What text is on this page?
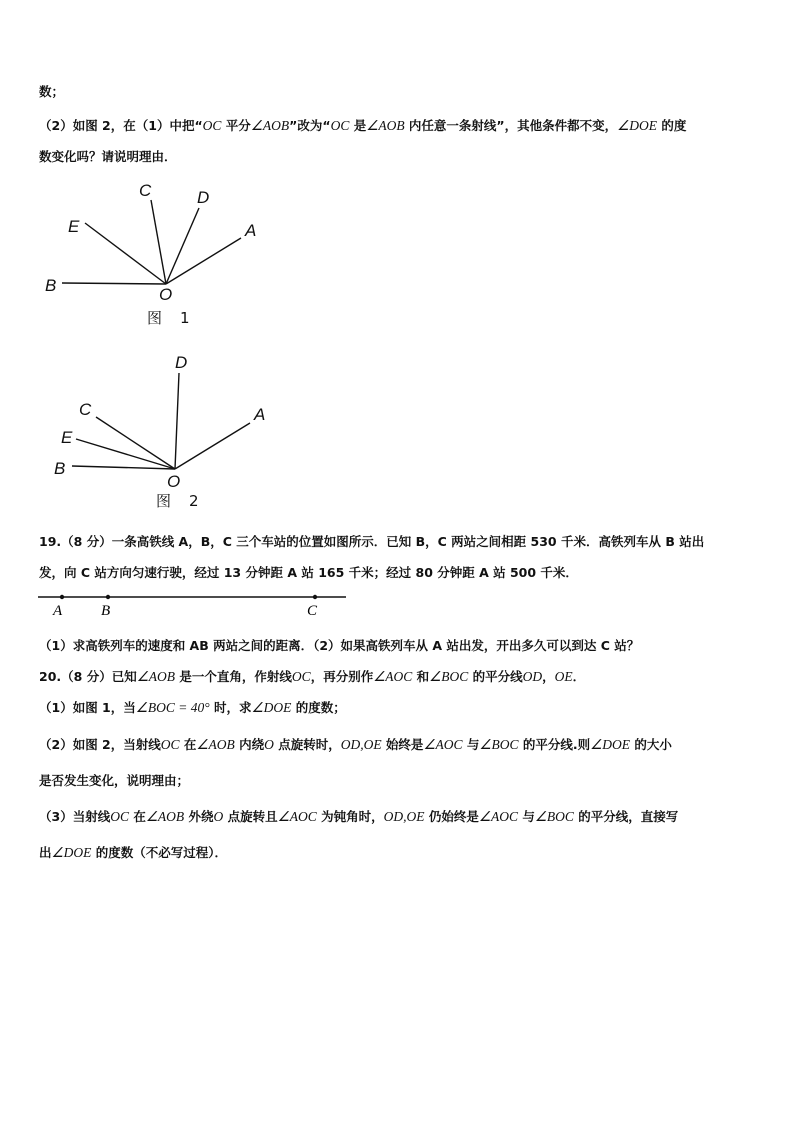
数；
（2）如图 2，在（1）中把“OC 平分∠AOB”改为“OC 是∠AOB 内任意一条射线”，其他条件都不变，∠DOE 的度
数变化吗？请说明理由．
C	D
E	A
B	O
图 1
D
C
E
A
B
O
图 2
19.（8 分）一条高铁线 A，B，C 三个车站的位置如图所示．已知 B，C 两站之间相距 530 千米．高铁列车从 B 站出
发，向 C 站方向匀速行驶，经过 13 分钟距 A 站 165 千米；经过 80 分钟距 A 站 500 千米．
A	B	C
（1）求高铁列车的速度和 AB 两站之间的距离．（2）如果高铁列车从 A 站出发，开出多久可以到达 C 站？
20.（8 分）已知∠AOB 是一个直角，作射线OC，再分别作∠AOC 和∠BOC 的平分线OD，OE．
（1）如图 1，当∠BOC = 40° 时，求∠DOE 的度数；
（2）如图 2，当射线OC 在∠AOB 内绕O 点旋转时，OD,OE 始终是∠AOC 与∠BOC 的平分线.则∠DOE 的大小
是否发生变化，说明理由；
（3）当射线OC 在∠AOB 外绕O 点旋转且∠AOC 为钝角时，OD,OE 仍始终是∠AOC 与∠BOC 的平分线，直接写
出∠DOE 的度数（不必写过程）．
